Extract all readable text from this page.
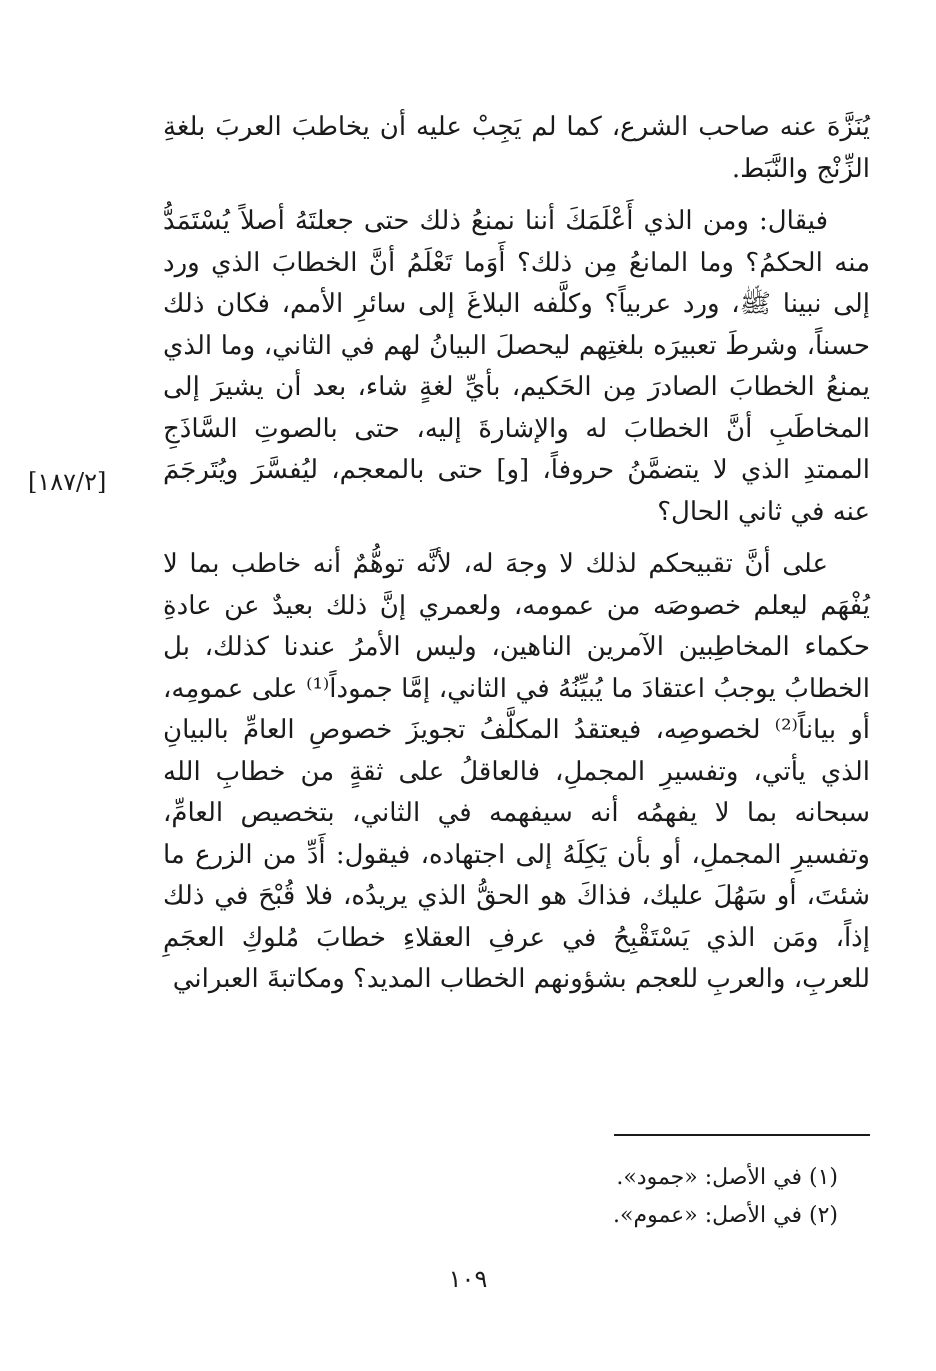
يُنَزَّهَ عنه صاحب الشرع، كما لم يَجِبْ عليه أن يخاطبَ العربَ بلغةِ الزِّنْج والنَّبَط.

فيقال: ومن الذي أَعْلَمَكَ أننا نمنعُ ذلك حتى جعلتَهُ أصلاً يُسْتَمَدُّ منه الحكمُ؟ وما المانعُ مِن ذلك؟ أَوَما تَعْلَمُ أنَّ الخطابَ الذي ورد إلى نبينا ﷺ، ورد عربياً؟ وكلَّفه البلاغَ إلى سائرِ الأمم، فكان ذلك حسناً، وشرطَ تعبيرَه بلغتِهم ليحصلَ البيانُ لهم في الثاني، وما الذي يمنعُ الخطابَ الصادرَ مِن الحَكيم، بأيِّ لغةٍ شاء، بعد أن يشيرَ إلى المخاطَبِ أنَّ الخطابَ له والإشارةَ إليه، حتى بالصوتِ السَّاذَجِ الممتدِ الذي لا يتضمَّنُ حروفاً، [و] حتى بالمعجم، ليُفسَّرَ ويُتَرجَمَ عنه في ثاني الحال؟

على أنَّ تقبيحكم لذلك لا وجهَ له، لأنَّه توهُّمٌ أنه خاطب بما لا يُفْهَم ليعلم خصوصَه من عمومه، ولعمري إنَّ ذلك بعيدٌ عن عادةِ حكماء المخاطِبين الآمرين الناهين، وليس الأمرُ عندنا كذلك، بل الخطابُ يوجبُ اعتقادَ ما يُبيِّنُهُ في الثاني، إمَّا جموداً⁽¹⁾ على عمومِه، أو بياناً⁽²⁾ لخصوصِه، فيعتقدُ المكلَّفُ تجويزَ خصوصِ العامِّ بالبيانِ الذي يأتي، وتفسيرِ المجملِ، فالعاقلُ على ثقةٍ من خطابِ الله سبحانه بما لا يفهمُه أنه سيفهمه في الثاني، بتخصيص العامِّ، وتفسيرِ المجملِ، أو بأن يَكِلَهُ إلى اجتهاده، فيقول: أَدِّ من الزرع ما شئتَ، أو سَهُلَ عليك، فذاكَ هو الحقُّ الذي يريدُه، فلا قُبْحَ في ذلك إذاً، ومَن الذي يَسْتَقْبِحُ في عرفِ العقلاءِ خطابَ مُلوكِ العجَمِ للعربِ، والعربِ للعجم بشؤونهم الخطاب المديد؟ ومكاتبةَ العبراني

[١٨٧/٢]
(١) في الأصل: «جمود».
(٢) في الأصل: «عموم».
١٠٩
